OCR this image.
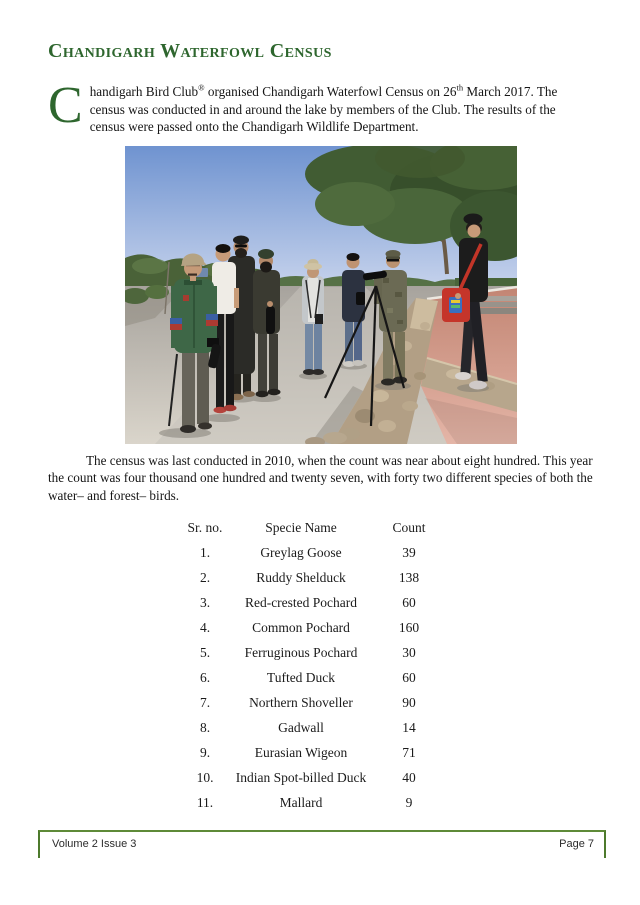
Chandigarh Waterfowl Census

Chandigarh Bird Club® organised Chandigarh Waterfowl Census on 26th March 2017. The census was conducted in and around the lake by members of the Club. The results of the census were passed onto the Chandigarh Wildlife Department.

The census was last conducted in 2010, when the count was near about eight hundred. This year the count was four thousand one hundred and twenty seven, with forty two different species of both the water– and forest– birds.

Sr. no.	Specie Name	Count
1.	Greylag Goose	39
2.	Ruddy Shelduck	138
3.	Red-crested Pochard	60
4.	Common Pochard	160
5.	Ferruginous Pochard	30
6.	Tufted Duck	60
7.	Northern Shoveller	90
8.	Gadwall	14
9.	Eurasian Wigeon	71
10.	Indian Spot-billed Duck	40
11.	Mallard	9
Volume 2 Issue 3	Page 7
